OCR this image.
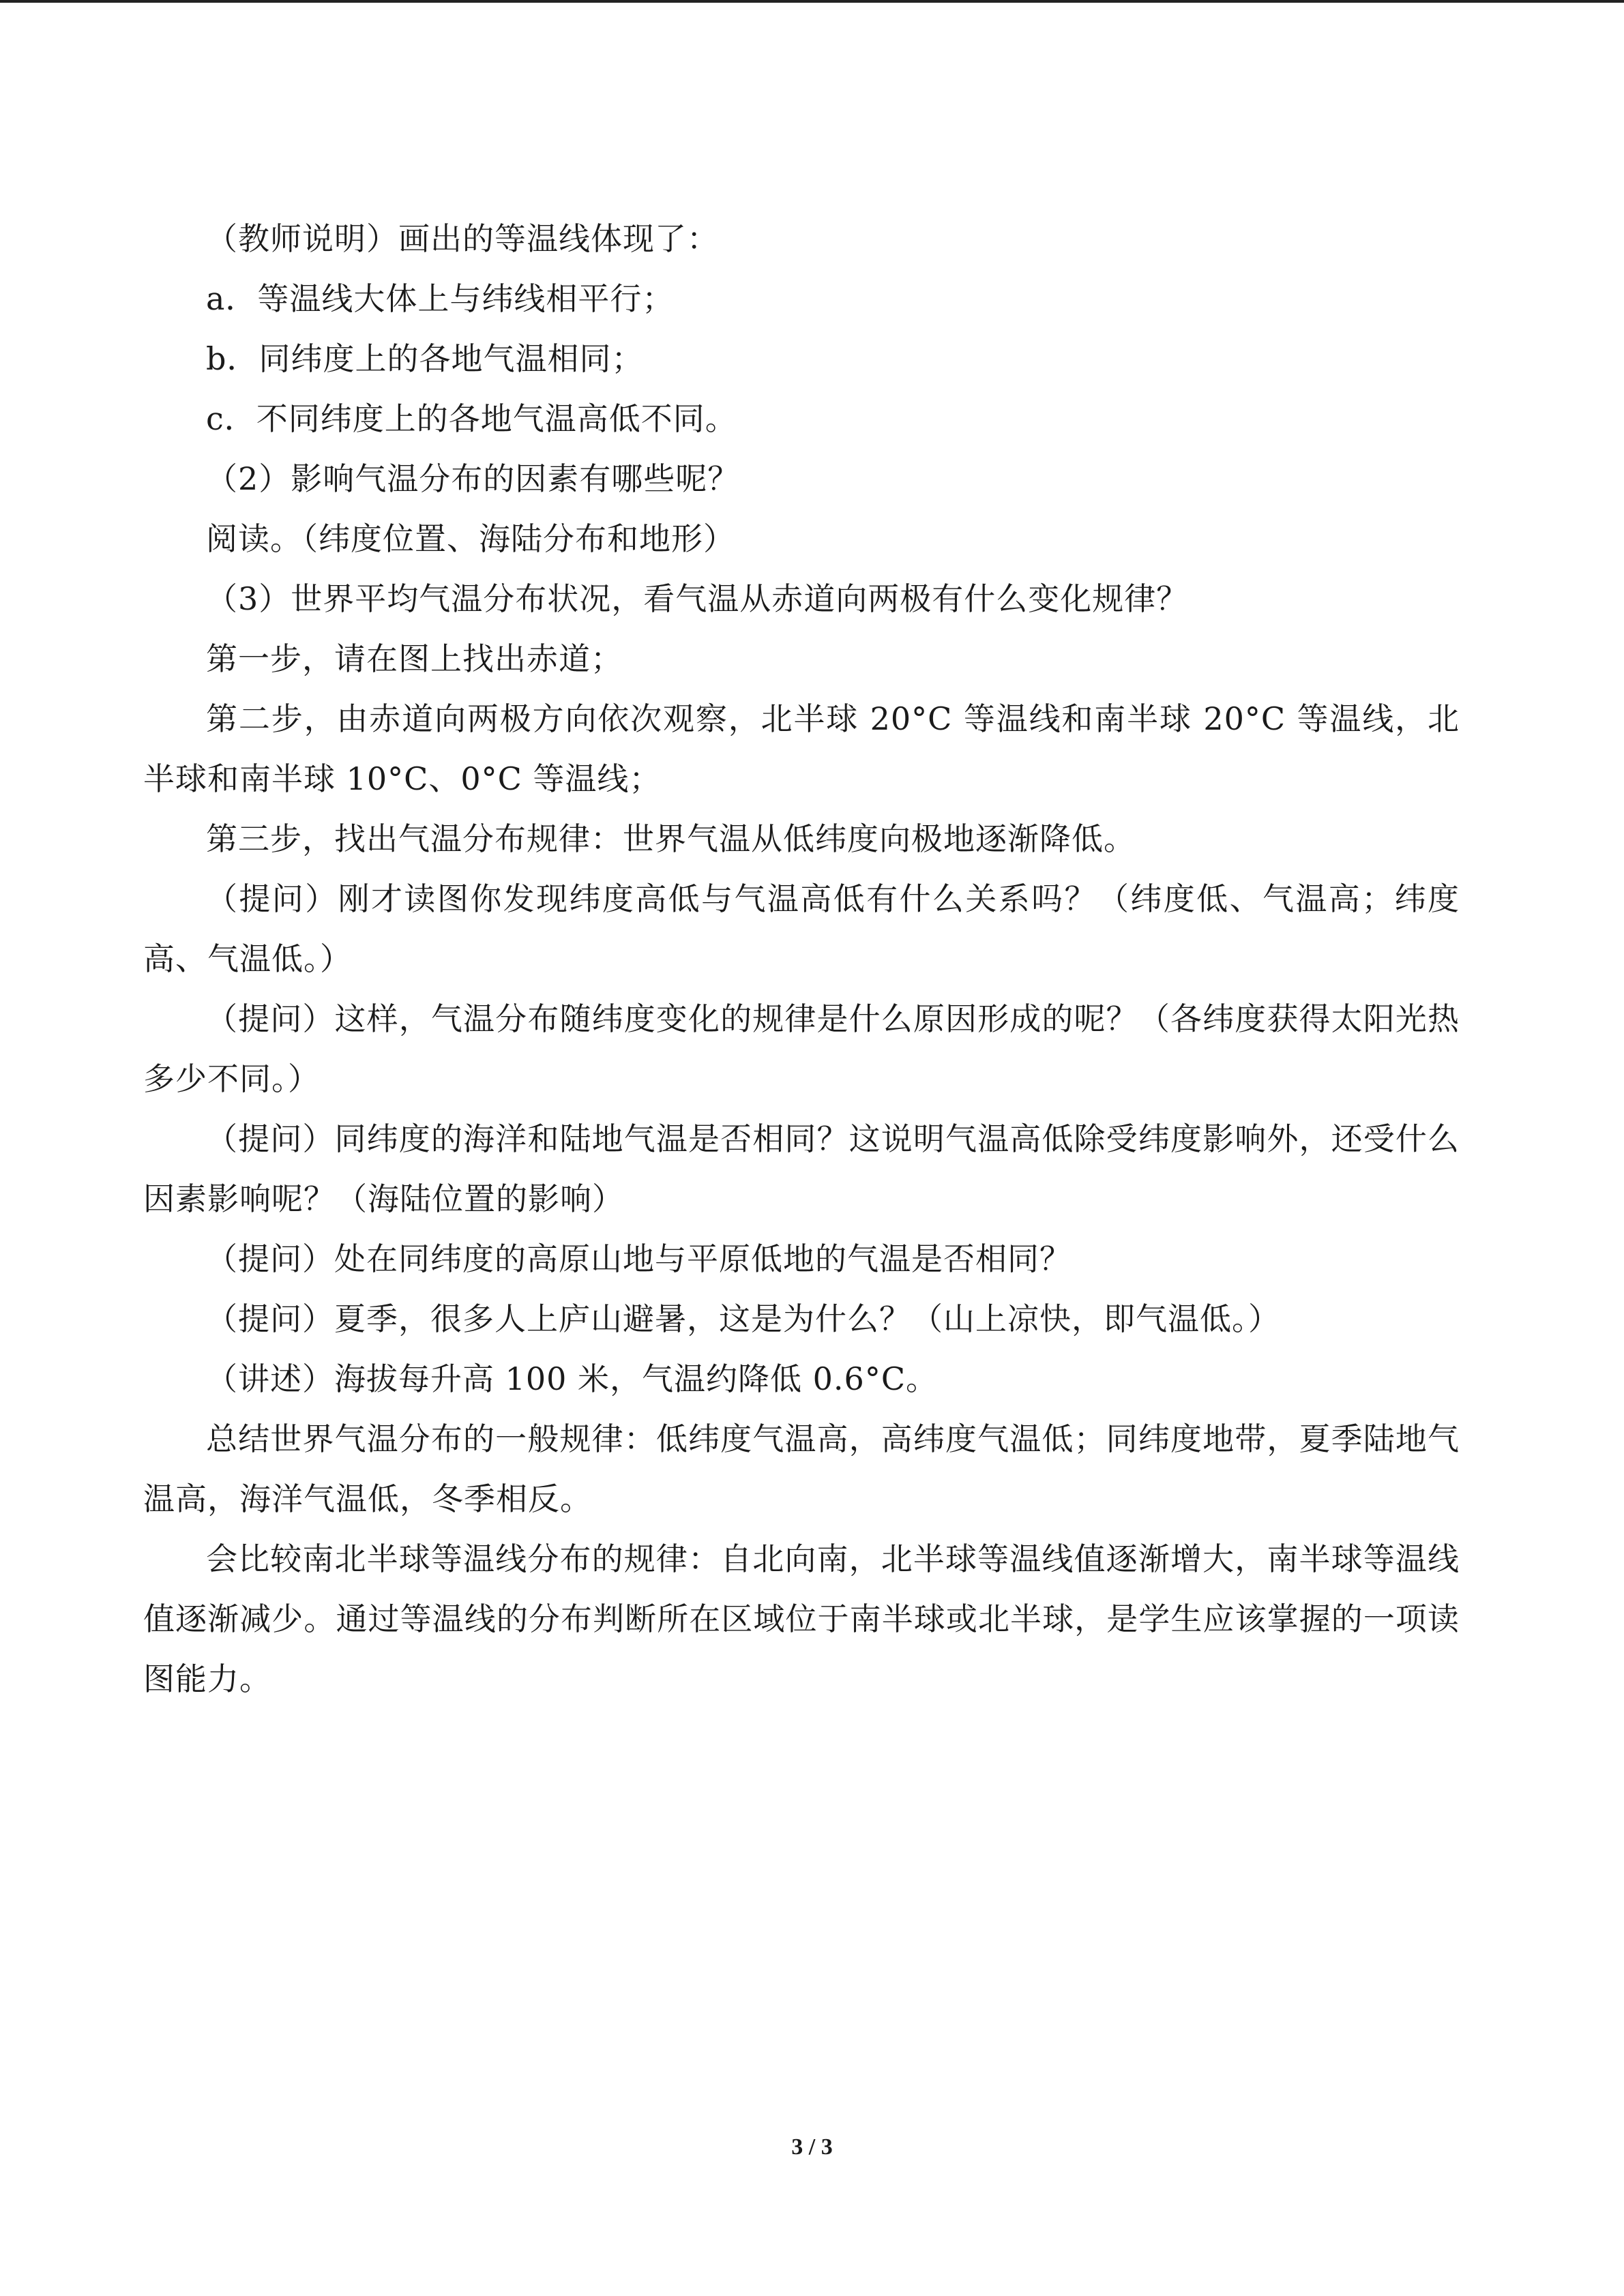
（教师说明）画出的等温线体现了：

a．等温线大体上与纬线相平行；

b．同纬度上的各地气温相同；

c．不同纬度上的各地气温高低不同。

（2）影响气温分布的因素有哪些呢？

阅读。（纬度位置、海陆分布和地形）

（3）世界平均气温分布状况，看气温从赤道向两极有什么变化规律？

第一步，请在图上找出赤道；

第二步，由赤道向两极方向依次观察，北半球 20°C 等温线和南半球 20°C 等温线，北半球和南半球 10°C、0°C 等温线；

第三步，找出气温分布规律：世界气温从低纬度向极地逐渐降低。

（提问）刚才读图你发现纬度高低与气温高低有什么关系吗？（纬度低、气温高；纬度高、气温低。）

（提问）这样，气温分布随纬度变化的规律是什么原因形成的呢？（各纬度获得太阳光热多少不同。）

（提问）同纬度的海洋和陆地气温是否相同？这说明气温高低除受纬度影响外，还受什么因素影响呢？（海陆位置的影响）

（提问）处在同纬度的高原山地与平原低地的气温是否相同？

（提问）夏季，很多人上庐山避暑，这是为什么？（山上凉快，即气温低。）

（讲述）海拔每升高 100 米，气温约降低 0.6°C。

总结世界气温分布的一般规律：低纬度气温高，高纬度气温低；同纬度地带，夏季陆地气温高，海洋气温低，冬季相反。

会比较南北半球等温线分布的规律：自北向南，北半球等温线值逐渐增大，南半球等温线值逐渐减少。通过等温线的分布判断所在区域位于南半球或北半球，是学生应该掌握的一项读图能力。

3 / 3
